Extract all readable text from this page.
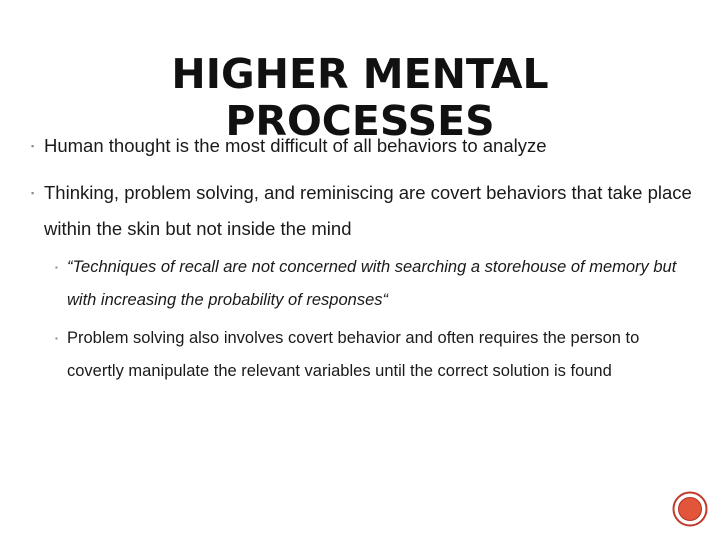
HIGHER MENTAL
PROCESSES
▪ Human thought is the most difficult of all behaviors to analyze
▪ Thinking, problem solving, and reminiscing are covert behaviors that take place within the skin but not inside the mind
▪ “Techniques of recall are not concerned with searching a storehouse of memory but with increasing the probability of responses“
▪ Problem solving also involves covert behavior and often requires the person to covertly manipulate the relevant variables until the correct solution is found
